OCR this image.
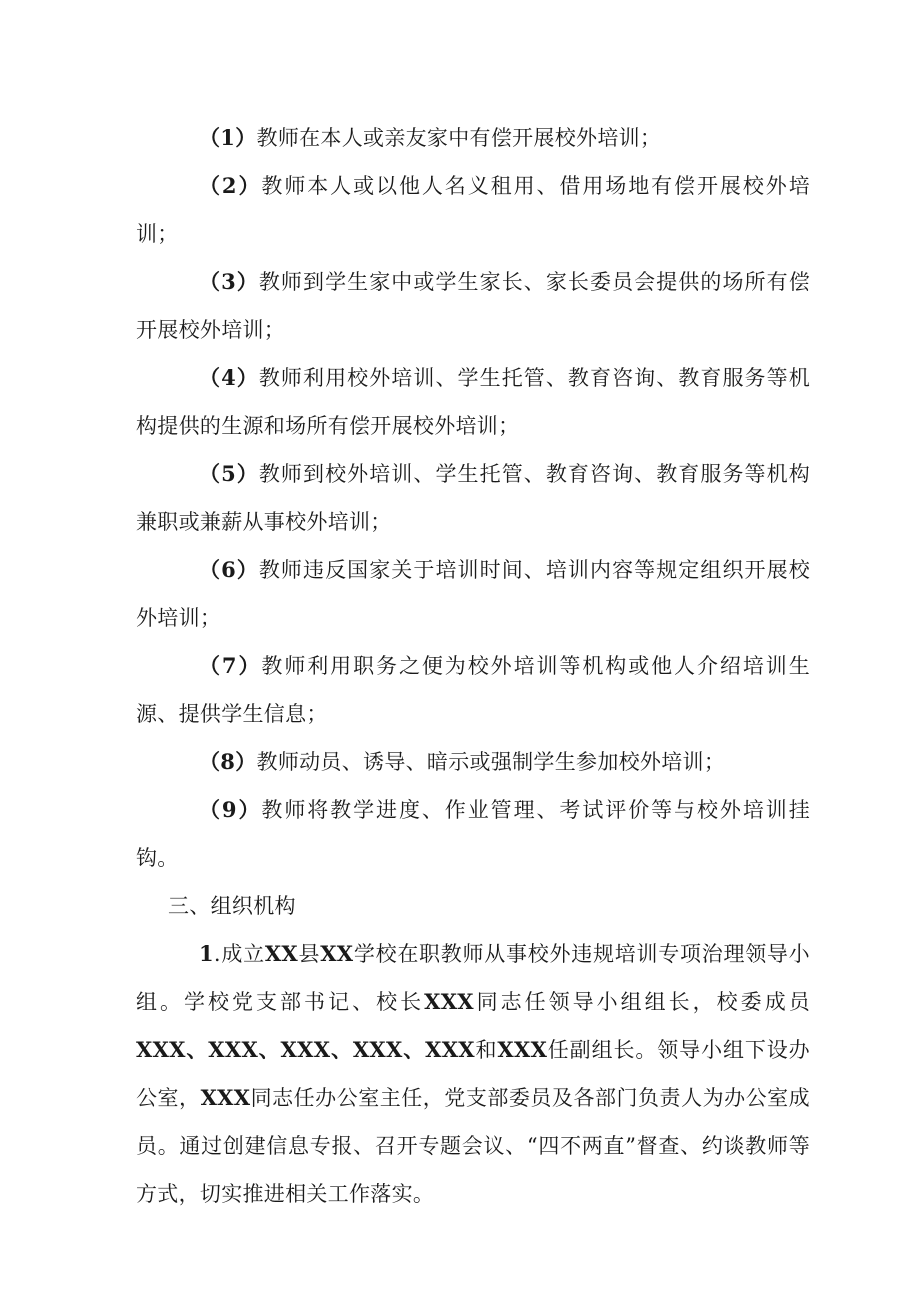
（1）教师在本人或亲友家中有偿开展校外培训；

（2）教师本人或以他人名义租用、借用场地有偿开展校外培训；

（3）教师到学生家中或学生家长、家长委员会提供的场所有偿开展校外培训；

（4）教师利用校外培训、学生托管、教育咨询、教育服务等机构提供的生源和场所有偿开展校外培训；

（5）教师到校外培训、学生托管、教育咨询、教育服务等机构兼职或兼薪从事校外培训；

（6）教师违反国家关于培训时间、培训内容等规定组织开展校外培训；

（7）教师利用职务之便为校外培训等机构或他人介绍培训生源、提供学生信息；

（8）教师动员、诱导、暗示或强制学生参加校外培训；

（9）教师将教学进度、作业管理、考试评价等与校外培训挂钩。

三、组织机构

1.成立XX县XX学校在职教师从事校外违规培训专项治理领导小组。学校党支部书记、校长XXX同志任领导小组组长，校委成员XXX、XXX、XXX、XXX、XXX和XXX任副组长。领导小组下设办公室，XXX同志任办公室主任，党支部委员及各部门负责人为办公室成员。通过创建信息专报、召开专题会议、“四不两直”督查、约谈教师等方式，切实推进相关工作落实。
